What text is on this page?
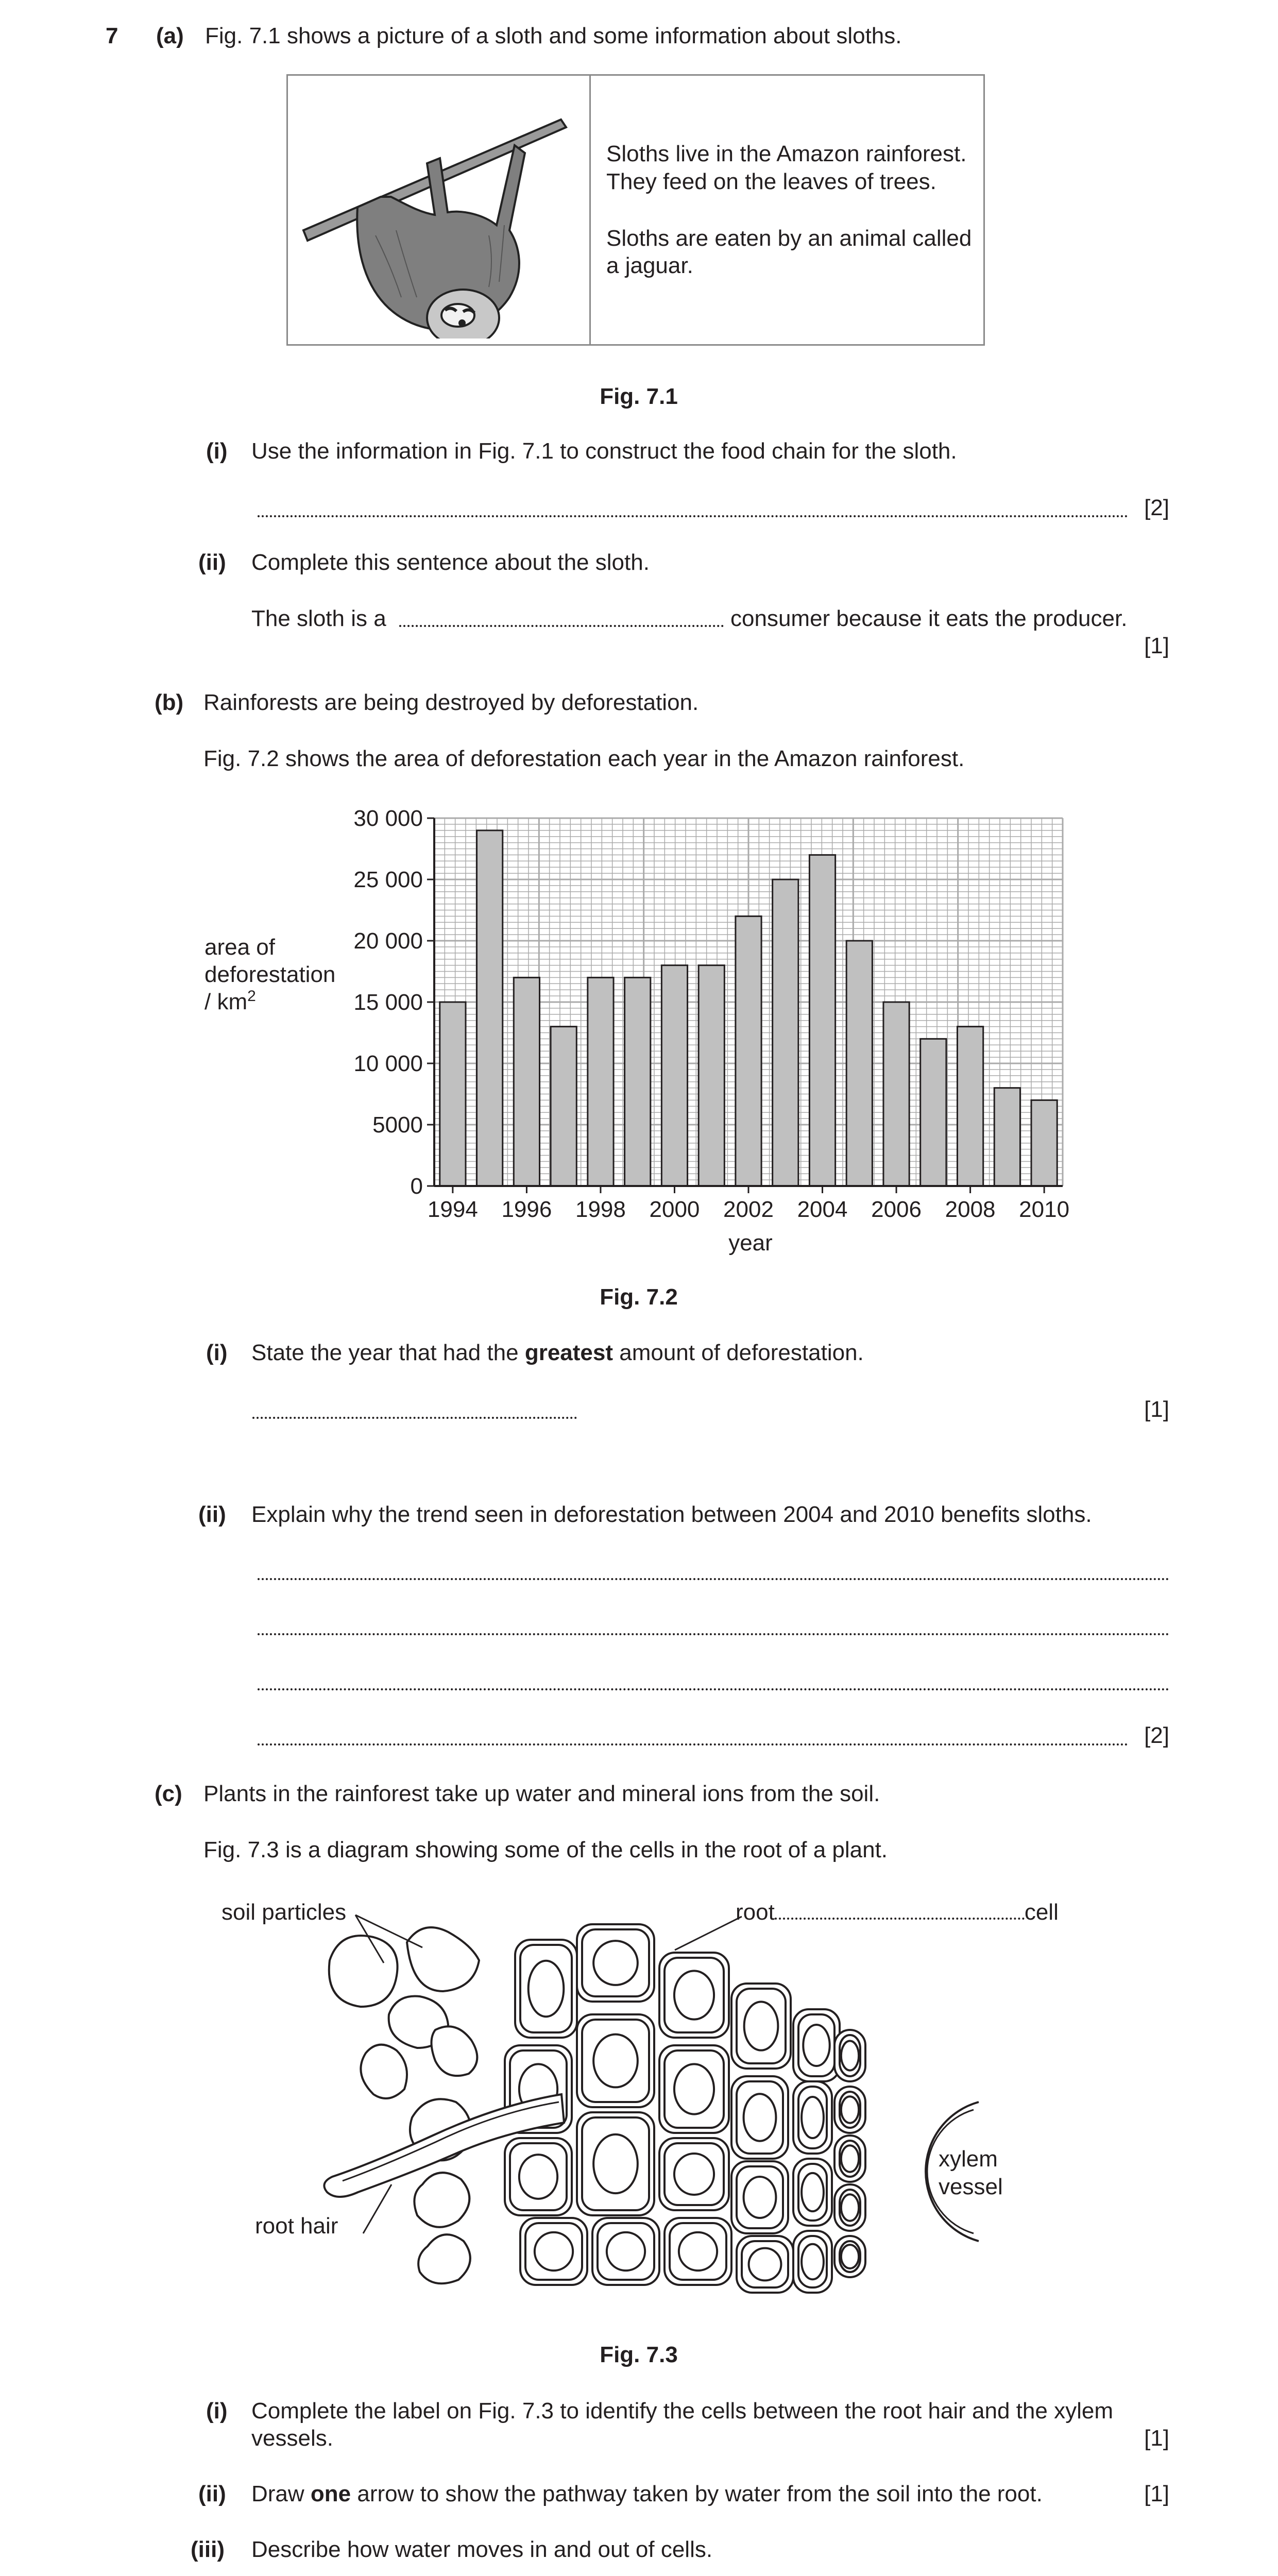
7 (a) Fig. 7.1 shows a picture of a sloth and some information about sloths.
Sloths live in the Amazon rainforest.
They feed on the leaves of trees.
Sloths are eaten by an animal called
a jaguar.
Fig. 7.1
(i) Use the information in Fig. 7.1 to construct the food chain for the sloth.
[2]
(ii) Complete this sentence about the sloth.
The sloth is a	consumer because it eats the producer.
[1]
(b) Rainforests are being destroyed by deforestation.
Fig. 7.2 shows the area of deforestation each year in the Amazon rainforest.
0
5000
10 000
15 000
20 000
25 000
30 000
1994 1996 1998 2000 2002 2004 2006 2008 2010
year
area of
deforestation
/ $km^2$
Fig. 7.2
(i) State the year that had the greatest amount of deforestation.
[1]
(ii) Explain why the trend seen in deforestation between 2004 and 2010 benefits sloths.
[2]
(c) Plants in the rainforest take up water and mineral ions from the soil.
Fig. 7.3 is a diagram showing some of the cells in the root of a plant.
soil particles	root	cell
root hair
xylem
vessel
Fig. 7.3
(i) Complete the label on Fig. 7.3 to identify the cells between the root hair and the xylem
vessels.	[1]
(ii) Draw one arrow to show the pathway taken by water from the soil into the root.	[1]
(iii) Describe how water moves in and out of cells.
